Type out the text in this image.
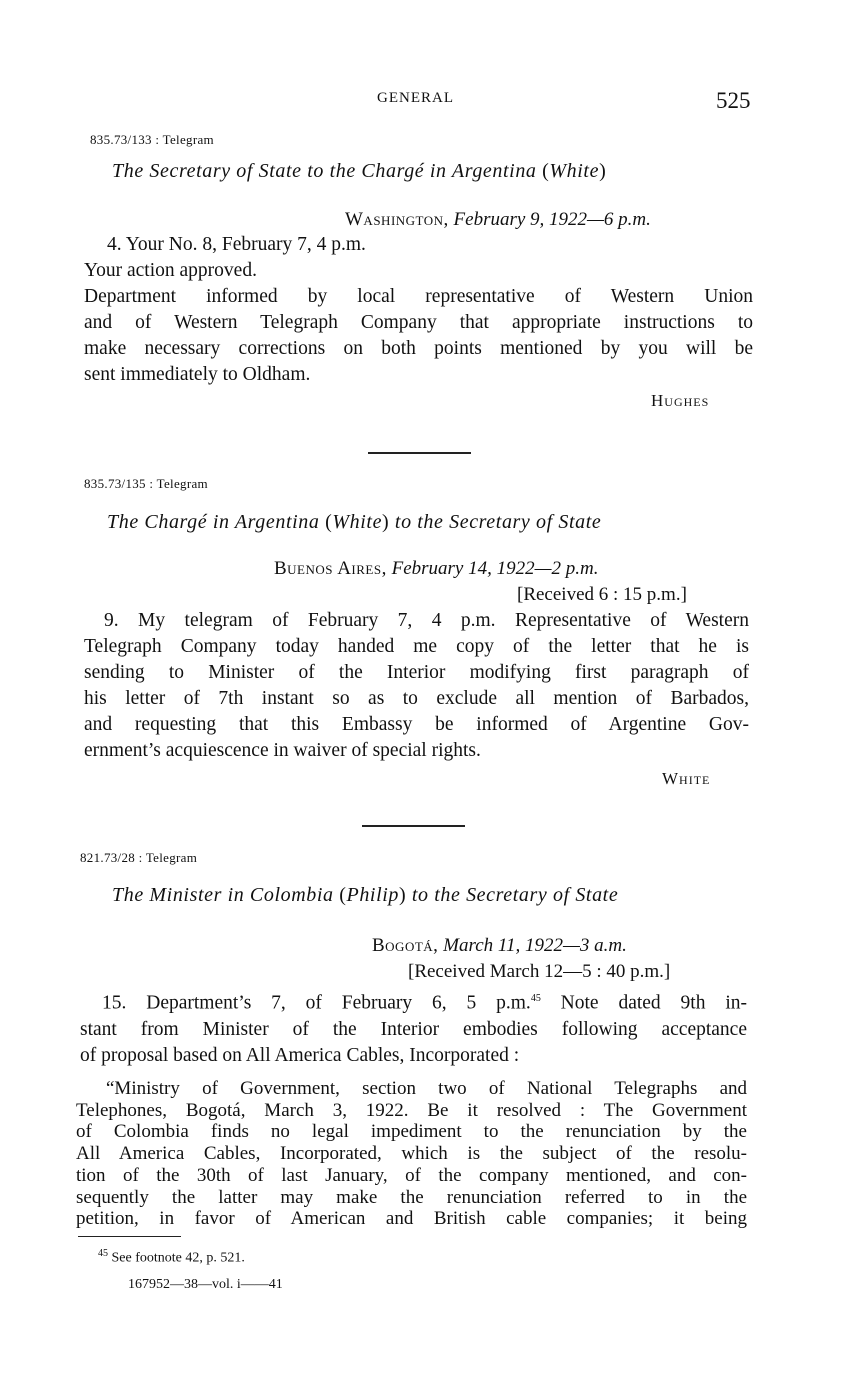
GENERAL	525
835.73/133 : Telegram
The Secretary of State to the Chargé in Argentina (White)
Washington, February 9, 1922—6 p.m.
4. Your No. 8, February 7, 4 p.m.
Your action approved.
Department informed by local representative of Western Union
and of Western Telegraph Company that appropriate instructions to
make necessary corrections on both points mentioned by you will be
sent immediately to Oldham.
Hughes
835.73/135 : Telegram
The Chargé in Argentina (White) to the Secretary of State
Buenos Aires, February 14, 1922—2 p.m.
[Received 6 : 15 p.m.]
9. My telegram of February 7, 4 p.m. Representative of Western
Telegraph Company today handed me copy of the letter that he is
sending to Minister of the Interior modifying first paragraph of
his letter of 7th instant so as to exclude all mention of Barbados,
and requesting that this Embassy be informed of Argentine Gov-
ernment’s acquiescence in waiver of special rights.
White
821.73/28 : Telegram
The Minister in Colombia (Philip) to the Secretary of State
Bogotá, March 11, 1922—3 a.m.
[Received March 12—5 : 40 p.m.]
15. Department’s 7, of February 6, 5 p.m.$^{45}$ Note dated 9th in-
stant from Minister of the Interior embodies following acceptance
of proposal based on All America Cables, Incorporated :
“Ministry of Government, section two of National Telegraphs and
Telephones, Bogotá, March 3, 1922. Be it resolved : The Government
of Colombia finds no legal impediment to the renunciation by the
All America Cables, Incorporated, which is the subject of the resolu-
tion of the 30th of last January, of the company mentioned, and con-
sequently the latter may make the renunciation referred to in the
petition, in favor of American and British cable companies; it being
$^{45}$ See footnote 42, p. 521.
167952—38—vol. i——41
